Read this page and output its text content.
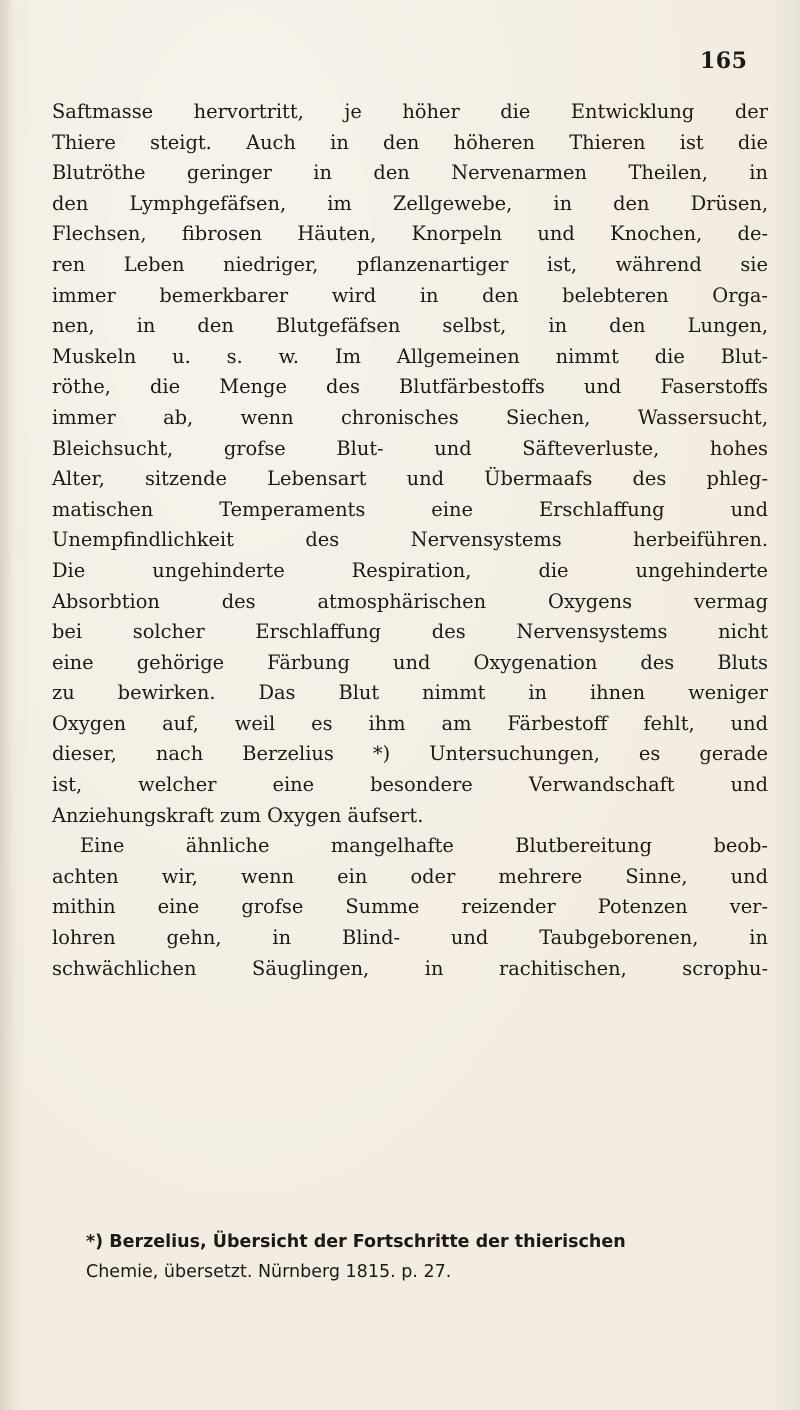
165
Saftmasse hervortritt, je höher die Entwicklung der
Thiere steigt. Auch in den höheren Thieren ist die
Blutröthe geringer in den Nervenarmen Theilen, in
den Lymphgefäfsen, im Zellgewebe, in den Drüsen,
Flechsen, fibrosen Häuten, Knorpeln und Knochen, de-
ren Leben niedriger, pflanzenartiger ist, während sie
immer bemerkbarer wird in den belebteren Orga-
nen, in den Blutgefäfsen selbst, in den Lungen,
Muskeln u. s. w. Im Allgemeinen nimmt die Blut-
röthe, die Menge des Blutfärbestoffs und Faserstoffs
immer ab, wenn chronisches Siechen, Wassersucht,
Bleichsucht, grofse Blut- und Säfteverluste, hohes
Alter, sitzende Lebensart und Übermaafs des phleg-
matischen Temperaments eine Erschlaffung und
Unempfindlichkeit des Nervensystems herbeiführen.
Die ungehinderte Respiration, die ungehinderte
Absorbtion des atmosphärischen Oxygens vermag
bei solcher Erschlaffung des Nervensystems nicht
eine gehörige Färbung und Oxygenation des Bluts
zu bewirken. Das Blut nimmt in ihnen weniger
Oxygen auf, weil es ihm am Färbestoff fehlt, und
dieser, nach Berzelius *) Untersuchungen, es gerade
ist, welcher eine besondere Verwandschaft und
Anziehungskraft zum Oxygen äufsert.
Eine ähnliche mangelhafte Blutbereitung beob-
achten wir, wenn ein oder mehrere Sinne, und
mithin eine grofse Summe reizender Potenzen ver-
lohren gehn, in Blind- und Taubgeborenen, in
schwächlichen Säuglingen, in rachitischen, scrophu-
*) Berzelius, Übersicht der Fortschritte der thierischen
Chemie, übersetzt. Nürnberg 1815. p. 27.
